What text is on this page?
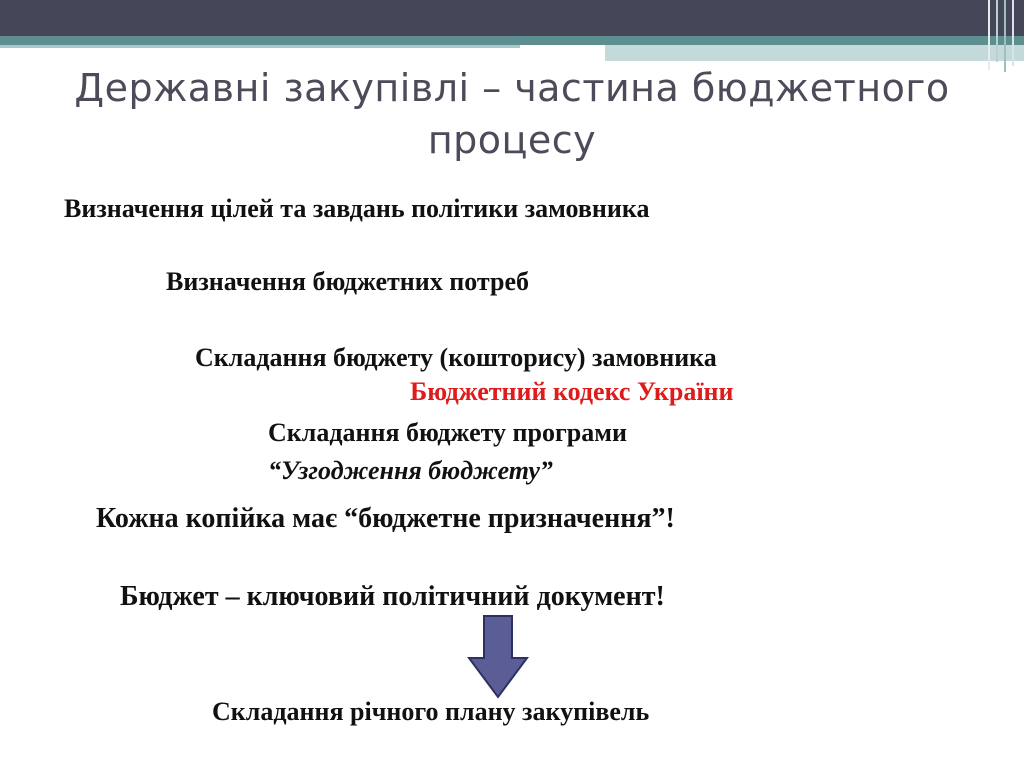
Державні закупівлі – частина бюджетного процесу
Визначення цілей та завдань політики замовника
Визначення бюджетних потреб
Складання бюджету (кошторису) замовника
Бюджетний кодекс України
Складання бюджету програми
“Узгодження бюджету”
Кожна копійка має “бюджетне призначення”!
Бюджет – ключовий політичний документ!
Складання річного плану закупівель
